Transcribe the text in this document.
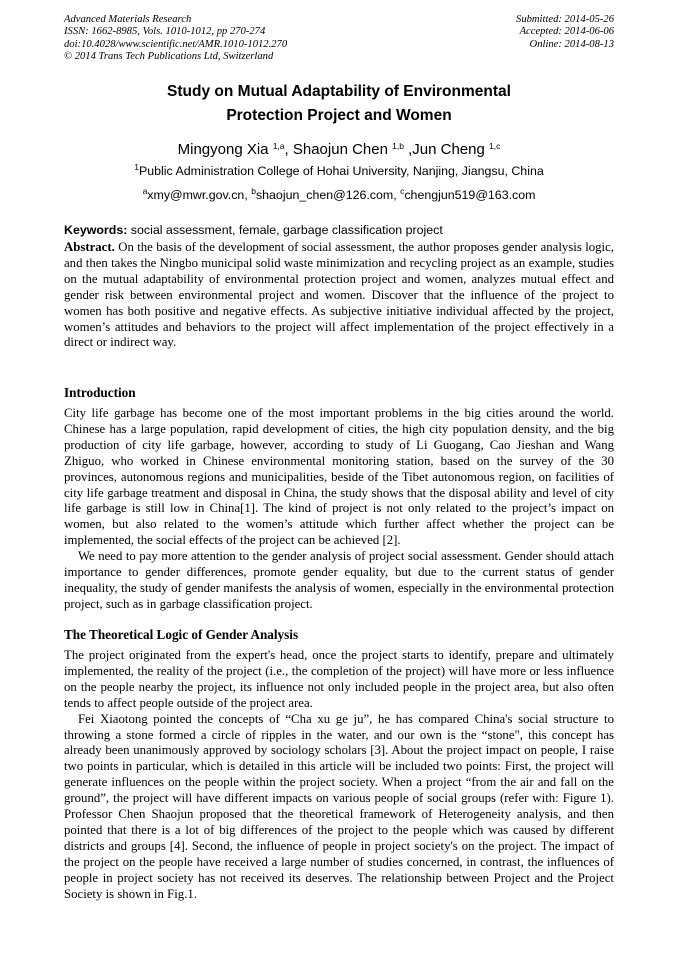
Advanced Materials Research
ISSN: 1662-8985, Vols. 1010-1012, pp 270-274
doi:10.4028/www.scientific.net/AMR.1010-1012.270
© 2014 Trans Tech Publications Ltd, Switzerland
Submitted: 2014-05-26
Accepted: 2014-06-06
Online: 2014-08-13
Study on Mutual Adaptability of Environmental
Protection Project and Women
Mingyong Xia $^{1,a}$, Shaojun Chen $^{1,b}$ ,Jun Cheng $^{1,c}$
$^1$Public Administration College of Hohai University, Nanjing, Jiangsu, China
$^a$xmy@mwr.gov.cn, $^b$shaojun_chen@126.com, $^c$chengjun519@163.com
Keywords: social assessment, female, garbage classification project

Abstract. On the basis of the development of social assessment, the author proposes gender analysis logic, and then takes the Ningbo municipal solid waste minimization and recycling project as an example, studies on the mutual adaptability of environmental protection project and women, analyzes mutual effect and gender risk between environmental project and women. Discover that the influence of the project to women has both positive and negative effects. As subjective initiative individual affected by the project, women’s attitudes and behaviors to the project will affect implementation of the project effectively in a direct or indirect way.

Introduction

City life garbage has become one of the most important problems in the big cities around the world. Chinese has a large population, rapid development of cities, the high city population density, and the big production of city life garbage, however, according to study of Li Guogang, Cao Jieshan and Wang Zhiguo, who worked in Chinese environmental monitoring station, based on the survey of the 30 provinces, autonomous regions and municipalities, beside of the Tibet autonomous region, on facilities of city life garbage treatment and disposal in China, the study shows that the disposal ability and level of city life garbage is still low in China[1]. The kind of project is not only related to the project’s impact on women, but also related to the women’s attitude which further affect whether the project can be implemented, the social effects of the project can be achieved [2].

We need to pay more attention to the gender analysis of project social assessment. Gender should attach importance to gender differences, promote gender equality, but due to the current status of gender inequality, the study of gender manifests the analysis of women, especially in the environmental protection project, such as in garbage classification project.

The Theoretical Logic of Gender Analysis

The project originated from the expert's head, once the project starts to identify, prepare and ultimately implemented, the reality of the project (i.e., the completion of the project) will have more or less influence on the people nearby the project, its influence not only included people in the project area, but also often tends to affect people outside of the project area.

Fei Xiaotong pointed the concepts of “Cha xu ge ju”, he has compared China's social structure to throwing a stone formed a circle of ripples in the water, and our own is the “stone", this concept has already been unanimously approved by sociology scholars [3]. About the project impact on people, I raise two points in particular, which is detailed in this article will be included two points: First, the project will generate influences on the people within the project society. When a project “from the air and fall on the ground”, the project will have different impacts on various people of social groups (refer with: Figure 1). Professor Chen Shaojun proposed that the theoretical framework of Heterogeneity analysis, and then pointed that there is a lot of big differences of the project to the people which was caused by different districts and groups [4]. Second, the influence of people in project society's on the project. The impact of the project on the people have received a large number of studies concerned, in contrast, the influences of people in project society has not received its deserves. The relationship between Project and the Project Society is shown in Fig.1.
